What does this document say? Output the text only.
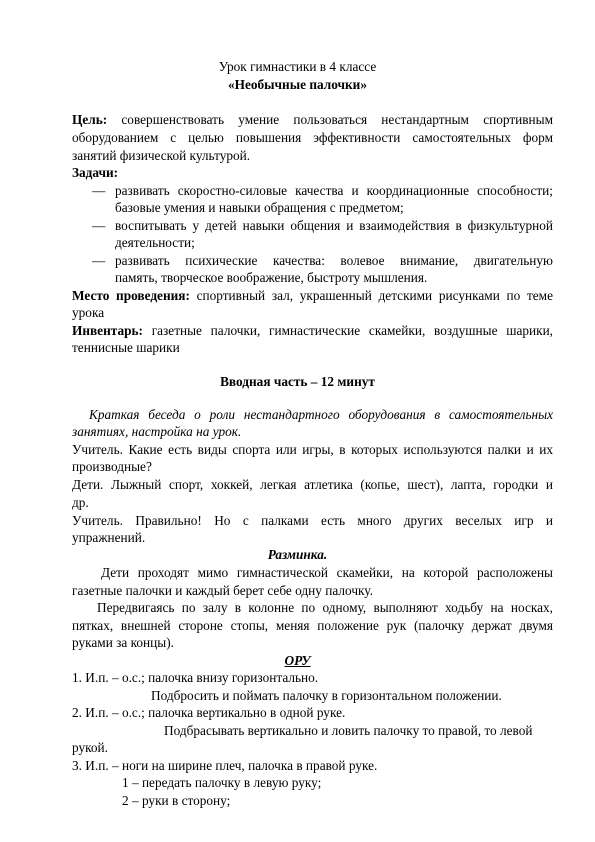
Урок гимнастики в 4 классе
«Необычные палочки»
Цель: совершенствовать умение пользоваться нестандартным спортивным
оборудованием с целью повышения эффективности самостоятельных форм
занятий физической культурой.
Задачи:
— развивать скоростно-силовые качества и координационные способности;
базовые умения и навыки обращения с предметом;
— воспитывать у детей навыки общения и взаимодействия в физкультурной
деятельности;
— развивать психические качества: волевое внимание, двигательную
память, творческое воображение, быстроту мышления.
Место проведения: спортивный зал, украшенный детскими рисунками по теме
урока
Инвентарь: газетные палочки, гимнастические скамейки, воздушные шарики,
теннисные шарики
Вводная часть – 12 минут
Краткая беседа о роли нестандартного оборудования в самостоятельных
занятиях, настройка на урок.
Учитель. Какие есть виды спорта или игры, в которых используются палки и их
производные?
Дети. Лыжный спорт, хоккей, легкая атлетика (копье, шест), лапта, городки и
др.
Учитель. Правильно! Но с палками есть много других веселых игр и
упражнений.
Разминка.
Дети проходят мимо гимнастической скамейки, на которой расположены
газетные палочки и каждый берет себе одну палочку.
Передвигаясь по залу в колонне по одному, выполняют ходьбу на носках,
пятках, внешней стороне стопы, меняя положение рук (палочку держат двумя
руками за концы).
ОРУ
1. И.п. – о.с.; палочка внизу горизонтально.
Подбросить и поймать палочку в горизонтальном положении.
2. И.п. – о.с.; палочка вертикально в одной руке.
Подбрасывать вертикально и ловить палочку то правой, то левой
рукой.
3. И.п. – ноги на ширине плеч, палочка в правой руке.
1 – передать палочку в левую руку;
2 – руки в сторону;
